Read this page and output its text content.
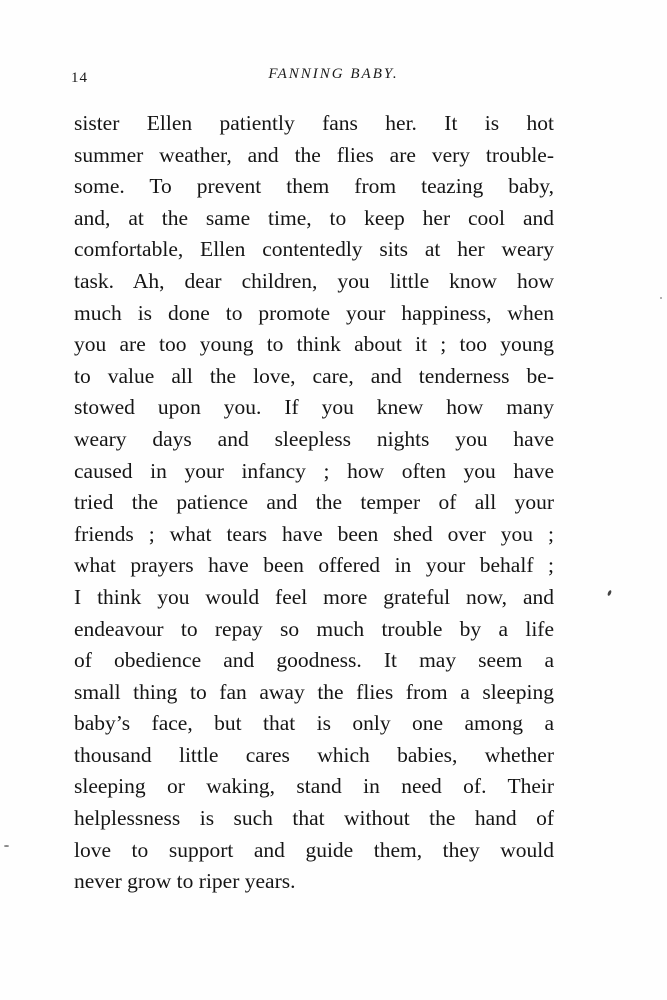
14	FANNING BABY.
sister Ellen patiently fans her. It is hot
summer weather, and the flies are very trouble-
some. To prevent them from teazing baby,
and, at the same time, to keep her cool and
comfortable, Ellen contentedly sits at her weary
task. Ah, dear children, you little know how
much is done to promote your happiness, when
you are too young to think about it ; too young
to value all the love, care, and tenderness be-
stowed upon you. If you knew how many
weary days and sleepless nights you have
caused in your infancy ; how often you have
tried the patience and the temper of all your
friends ; what tears have been shed over you ;
what prayers have been offered in your behalf ;
I think you would feel more grateful now, and
endeavour to repay so much trouble by a life
of obedience and goodness. It may seem a
small thing to fan away the flies from a sleeping
baby’s face, but that is only one among a
thousand little cares which babies, whether
sleeping or waking, stand in need of. Their
helplessness is such that without the hand of
love to support and guide them, they would
never grow to riper years.
